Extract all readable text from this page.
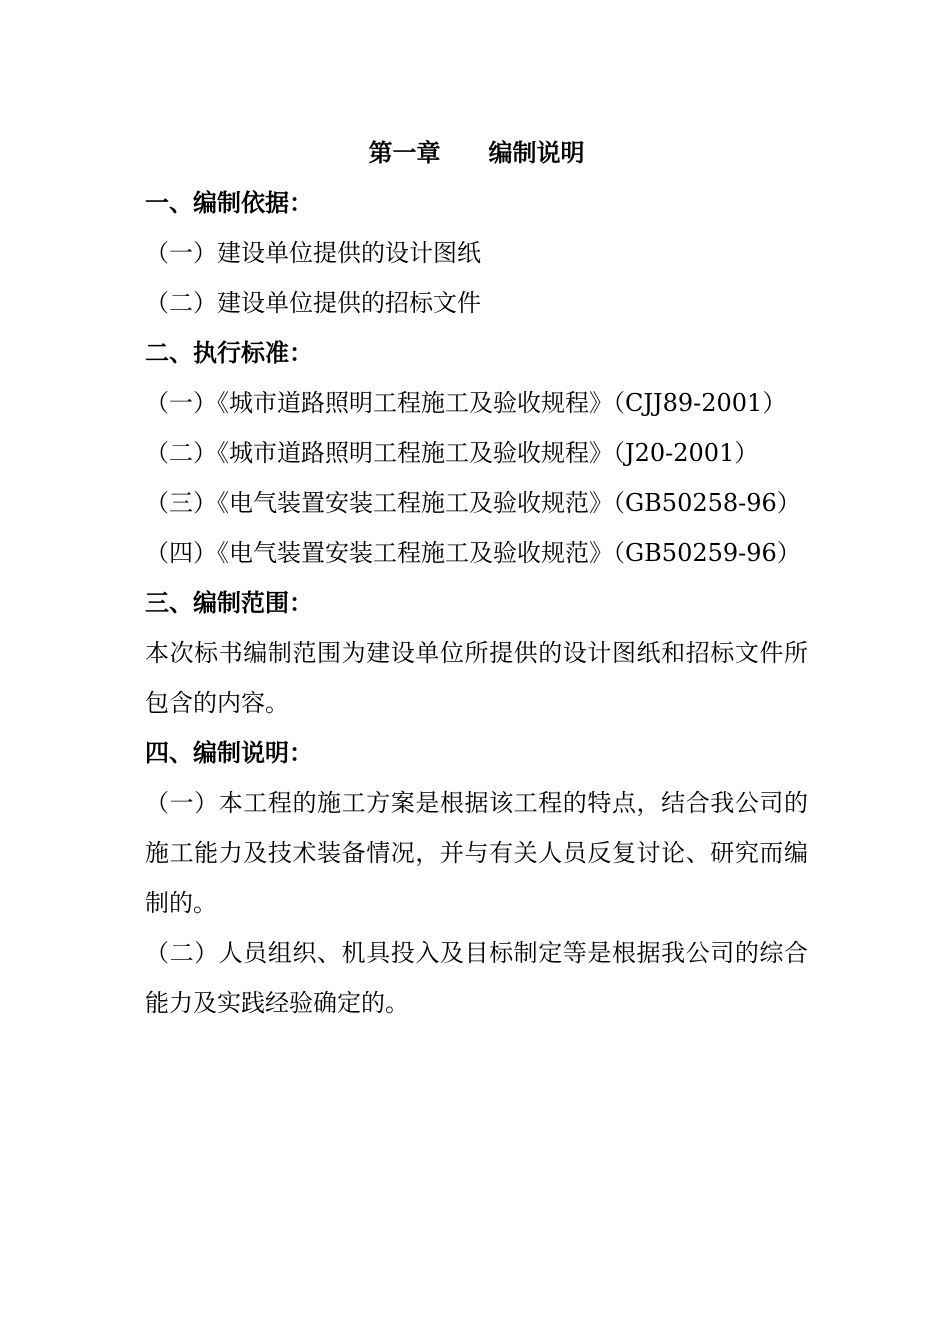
第一章　　编制说明
一、编制依据：
（一）建设单位提供的设计图纸
（二）建设单位提供的招标文件
二、执行标准：
（一）《城市道路照明工程施工及验收规程》（CJJ89-2001）
（二）《城市道路照明工程施工及验收规程》（J20-2001）
（三）《电气装置安装工程施工及验收规范》（GB50258-96）
（四）《电气装置安装工程施工及验收规范》（GB50259-96）
三、编制范围：
本次标书编制范围为建设单位所提供的设计图纸和招标文件所包含的内容。
四、编制说明：
（一）本工程的施工方案是根据该工程的特点，结合我公司的施工能力及技术装备情况，并与有关人员反复讨论、研究而编制的。
（二）人员组织、机具投入及目标制定等是根据我公司的综合能力及实践经验确定的。
